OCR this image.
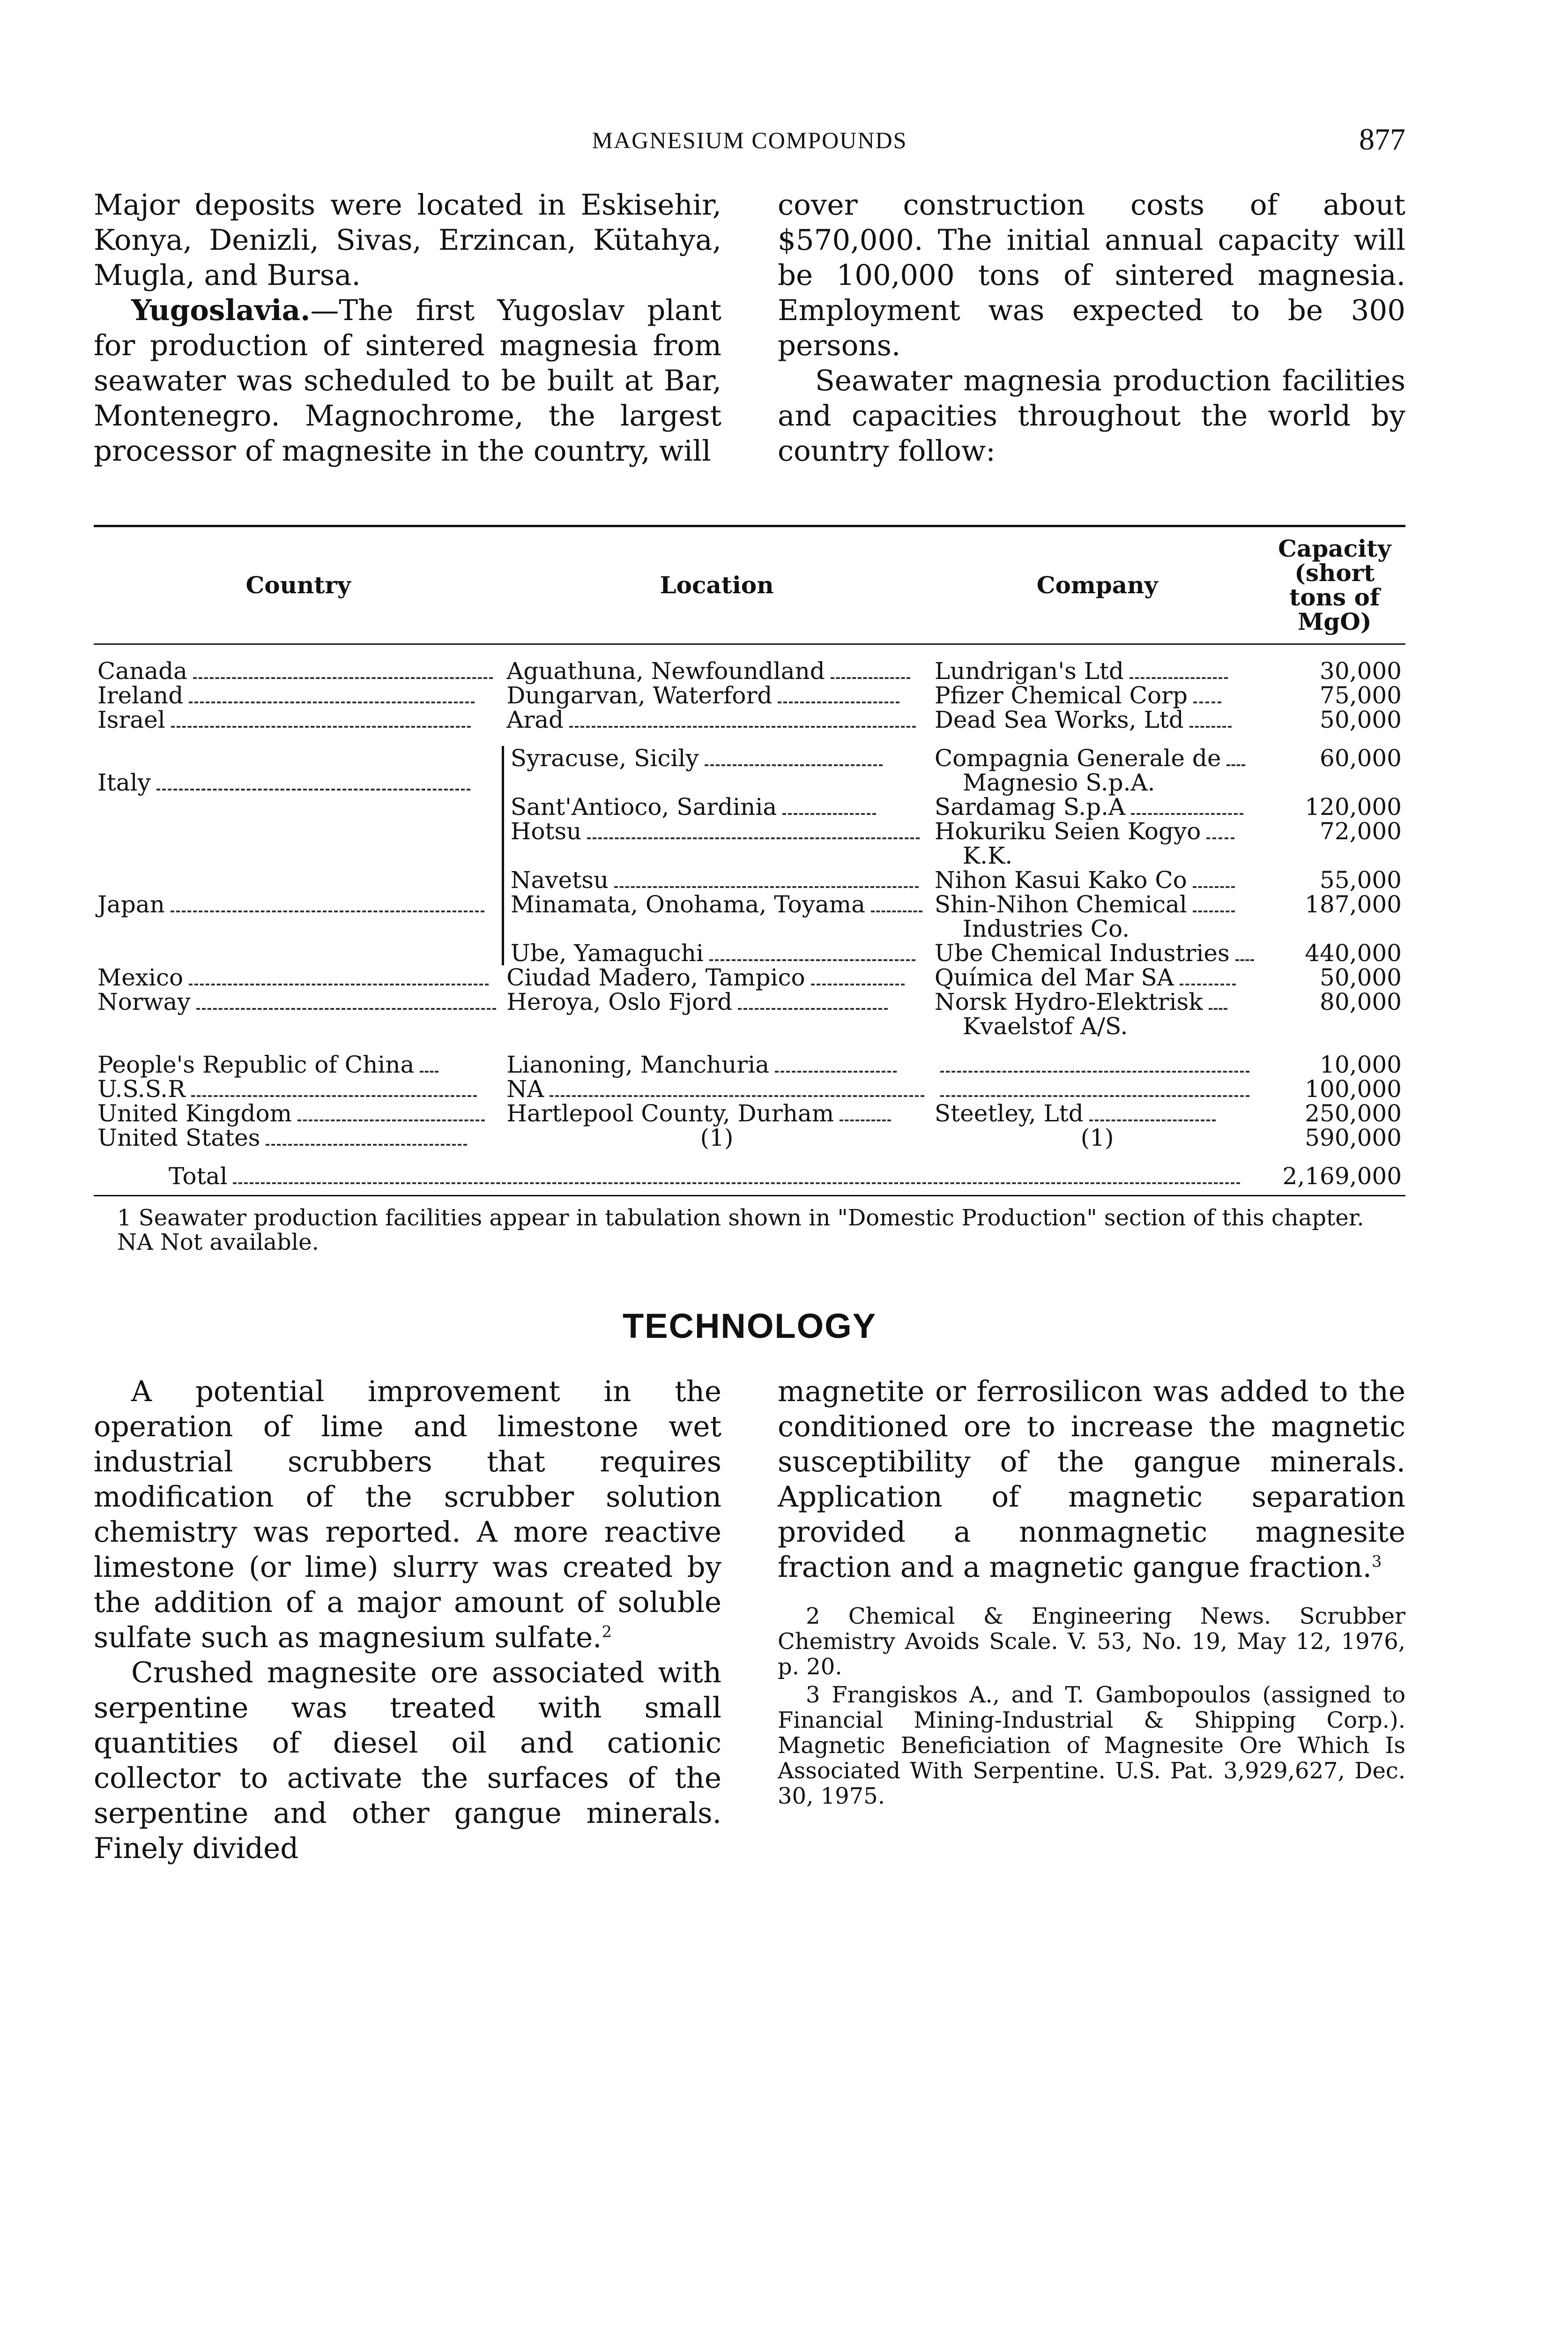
MAGNESIUM COMPOUNDS	877

Major deposits were located in Eskisehir, Konya, Denizli, Sivas, Erzincan, Kütahya, Mugla, and Bursa.

Yugoslavia.—The first Yugoslav plant for production of sintered magnesia from seawater was scheduled to be built at Bar, Montenegro. Magnochrome, the largest processor of magnesite in the country, will

cover construction costs of about $570,000. The initial annual capacity will be 100,000 tons of sintered magnesia. Employment was expected to be 300 persons.

Seawater magnesia production facilities and capacities throughout the world by country follow:

Country	Location	Company	Capacity (short tons of MgO)

Canada	Aguathuna, Newfoundland	Lundrigan's Ltd	30,000
Ireland	Dungarvan, Waterford	Pfizer Chemical Corp	75,000
Israel	Arad	Dead Sea Works, Ltd	50,000

	Syracuse, Sicily	Compagnia Generale de	60,000
Italy		Magnesio S.p.A.	
	Sant'Antioco, Sardinia	Sardamag S.p.A	120,000
	Hotsu	Hokuriku Seien Kogyo	72,000
		K.K.	
	Navetsu	Nihon Kasui Kako Co	55,000
Japan	Minamata, Onohama, Toyama	Shin-Nihon Chemical	187,000
		Industries Co.	
	Ube, Yamaguchi	Ube Chemical Industries	440,000
Mexico	Ciudad Madero, Tampico	Química del Mar SA	50,000
Norway	Heroya, Oslo Fjord	Norsk Hydro-Elektrisk	80,000
		Kvaelstof A/S.	

People's Republic of China	Lianoning, Manchuria		10,000
U.S.S.R	NA		100,000
United Kingdom	Hartlepool County, Durham	Steetley, Ltd	250,000
United States	(1)	(1)	590,000
Total			2,169,000

1 Seawater production facilities appear in tabulation shown in "Domestic Production" section of this chapter.

NA Not available.

TECHNOLOGY

A potential improvement in the operation of lime and limestone wet industrial scrubbers that requires modification of the scrubber solution chemistry was reported. A more reactive limestone (or lime) slurry was created by the addition of a major amount of soluble sulfate such as magnesium sulfate.$^2$

Crushed magnesite ore associated with serpentine was treated with small quantities of diesel oil and cationic collector to activate the surfaces of the serpentine and other gangue minerals. Finely divided

magnetite or ferrosilicon was added to the conditioned ore to increase the magnetic susceptibility of the gangue minerals. Application of magnetic separation provided a nonmagnetic magnesite fraction and a magnetic gangue fraction.$^3$

2 Chemical & Engineering News. Scrubber Chemistry Avoids Scale. V. 53, No. 19, May 12, 1976, p. 20.

3 Frangiskos A., and T. Gambopoulos (assigned to Financial Mining-Industrial & Shipping Corp.). Magnetic Beneficiation of Magnesite Ore Which Is Associated With Serpentine. U.S. Pat. 3,929,627, Dec. 30, 1975.
